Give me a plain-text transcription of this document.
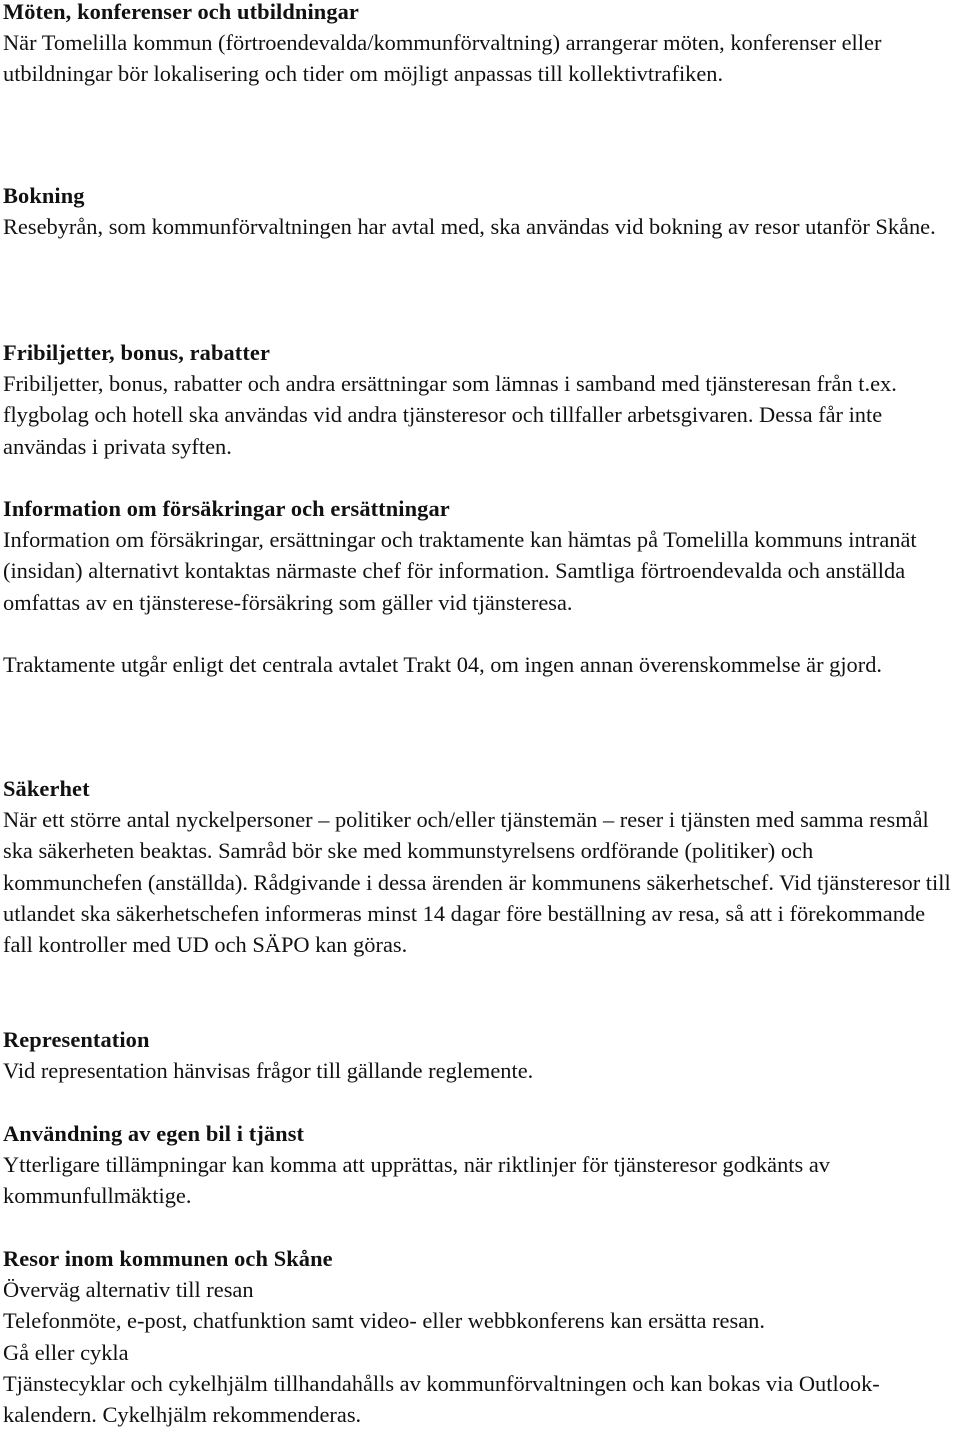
Möten, konferenser och utbildningar

När Tomelilla kommun (förtroendevalda/kommunförvaltning) arrangerar möten, konferenser eller utbildningar bör lokalisering och tider om möjligt anpassas till kollektivtrafiken.

Bokning

Resebyrån, som kommunförvaltningen har avtal med, ska användas vid bokning av resor utanför Skåne.

Fribiljetter, bonus, rabatter

Fribiljetter, bonus, rabatter och andra ersättningar som lämnas i samband med tjänsteresan från t.ex. flygbolag och hotell ska användas vid andra tjänsteresor och tillfaller arbetsgivaren. Dessa får inte användas i privata syften.

Information om försäkringar och ersättningar

Information om försäkringar, ersättningar och traktamente kan hämtas på Tomelilla kommuns intranät (insidan) alternativt kontaktas närmaste chef för information. Samtliga förtroendevalda och anställda omfattas av en tjänsterese-försäkring som gäller vid tjänsteresa.

Traktamente utgår enligt det centrala avtalet Trakt 04, om ingen annan överenskommelse är gjord.

Säkerhet

När ett större antal nyckelpersoner – politiker och/eller tjänstemän – reser i tjänsten med samma resmål ska säkerheten beaktas. Samråd bör ske med kommunstyrelsens ordförande (politiker) och kommunchefen (anställda). Rådgivande i dessa ärenden är kommunens säkerhetschef. Vid tjänsteresor till utlandet ska säkerhetschefen informeras minst 14 dagar före beställning av resa, så att i förekommande fall kontroller med UD och SÄPO kan göras.

Representation

Vid representation hänvisas frågor till gällande reglemente.

Användning av egen bil i tjänst

Ytterligare tillämpningar kan komma att upprättas, när riktlinjer för tjänsteresor godkänts av kommunfullmäktige.

Resor inom kommunen och Skåne

Överväg alternativ till resan

Telefonmöte, e-post, chatfunktion samt video- eller webbkonferens kan ersätta resan.

Gå eller cykla

Tjänstecyklar och cykelhjälm tillhandahålls av kommunförvaltningen och kan bokas via Outlook-kalendern. Cykelhjälm rekommenderas.
